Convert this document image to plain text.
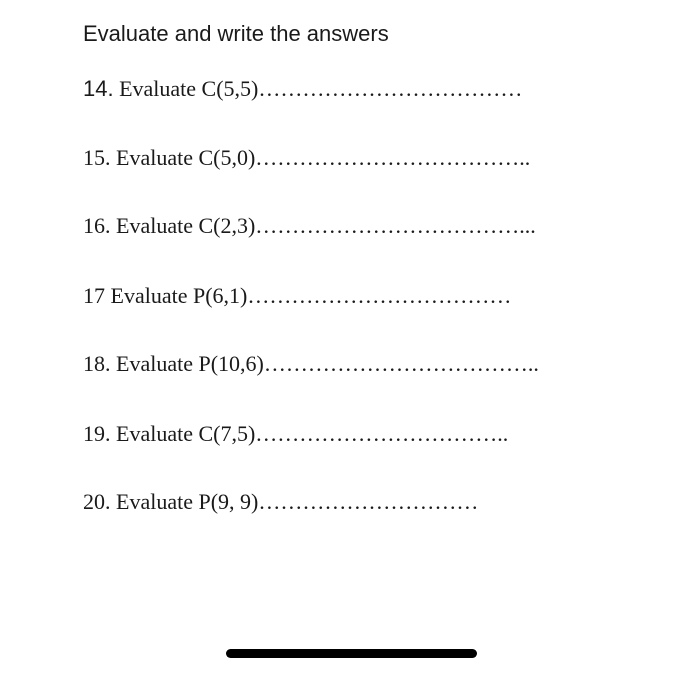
Evaluate and write the answers

14. Evaluate C(5,5)………………………………

15. Evaluate C(5,0)………………………………..

16. Evaluate C(2,3)………………………………...

17 Evaluate P(6,1)………………………………

18. Evaluate P(10,6)………………………………..

19. Evaluate C(7,5)……………………………..

20. Evaluate P(9, 9)…………………………
